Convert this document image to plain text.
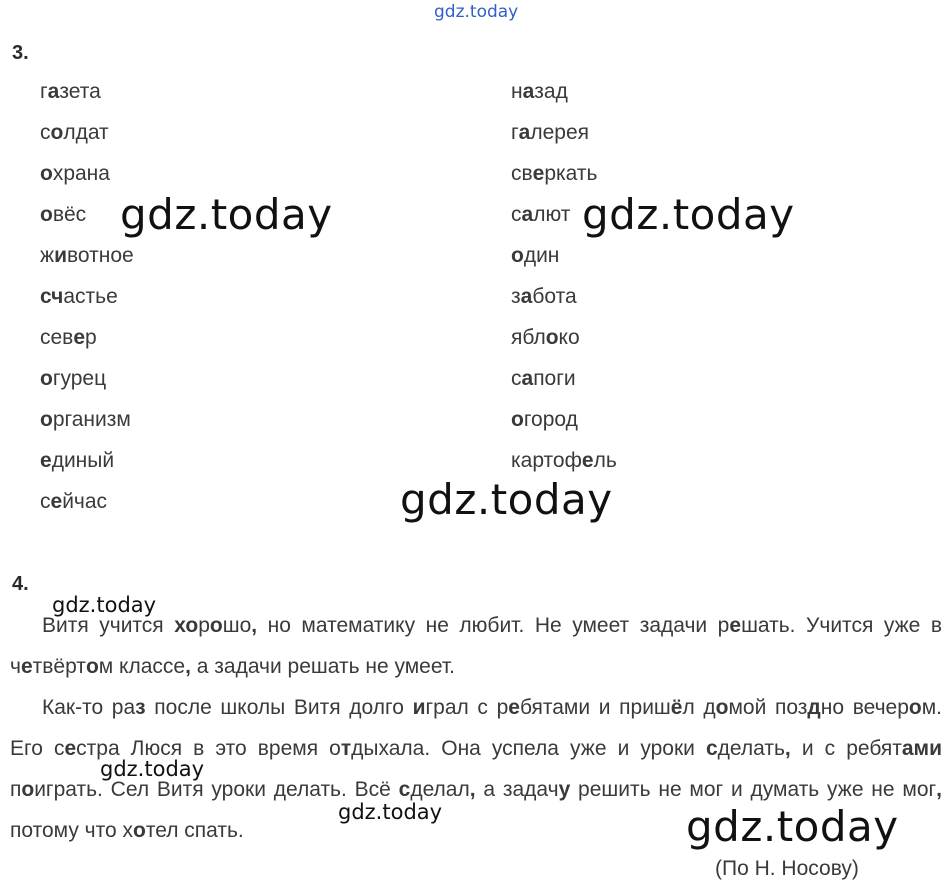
gdz.today
3.
газета
солдат
охрана
овёс
животное
счастье
север
огурец
организм
единый
сейчас
назад
галерея
сверкать
салют
один
забота
яблоко
сапоги
огород
картофель
4.

Витя учится хорошо, но математику не любит. Не умеет задачи решать. Учится уже в четвёртом классе, а задачи решать не умеет.

Как-то раз после школы Витя долго играл с ребятами и пришёл домой поздно вечером. Его сестра Люся в это время отдыхала. Она успела уже и уроки сделать, и с ребятами поиграть. Сел Витя уроки делать. Всё сделал, а задачу решить не мог и думать уже не мог, потому что хотел спать.

(По Н. Носову)
gdz.today	gdz.today
gdz.today
gdz.today
gdz.today
gdz.today
gdz.today
